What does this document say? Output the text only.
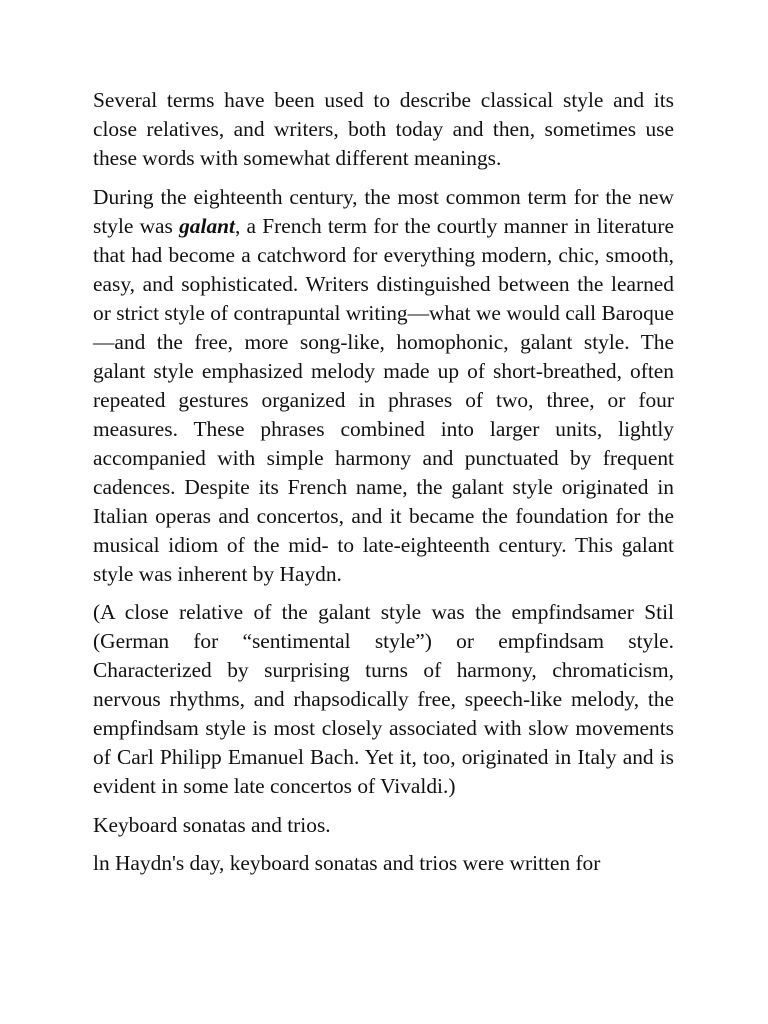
Several terms have been used to describe classical style and its close relatives, and writers, both today and then, sometimes use these words with somewhat different meanings.

During the eighteenth century, the most common term for the new style was galant, a French term for the courtly manner in literature that had become a catchword for everything modern, chic, smooth, easy, and sophisticated. Writers distinguished between the learned or strict style of contrapuntal writing—what we would call Baroque—and the free, more song-like, homophonic, galant style. The galant style emphasized melody made up of short-breathed, often repeated gestures organized in phrases of two, three, or four measures. These phrases combined into larger units, lightly accompanied with simple harmony and punctuated by frequent cadences. Despite its French name, the galant style originated in Italian operas and concertos, and it became the foundation for the musical idiom of the mid- to late-eighteenth century. This galant style was inherent by Haydn.

(A close relative of the galant style was the empfindsamer Stil (German for “sentimental style”) or empfindsam style. Characterized by surprising turns of harmony, chromaticism, nervous rhythms, and rhapsodically free, speech-like melody, the empfindsam style is most closely associated with slow movements of Carl Philipp Emanuel Bach. Yet it, too, originated in Italy and is evident in some late concertos of Vivaldi.)

Keyboard sonatas and trios.

ln Haydn's day, keyboard sonatas and trios were written for
